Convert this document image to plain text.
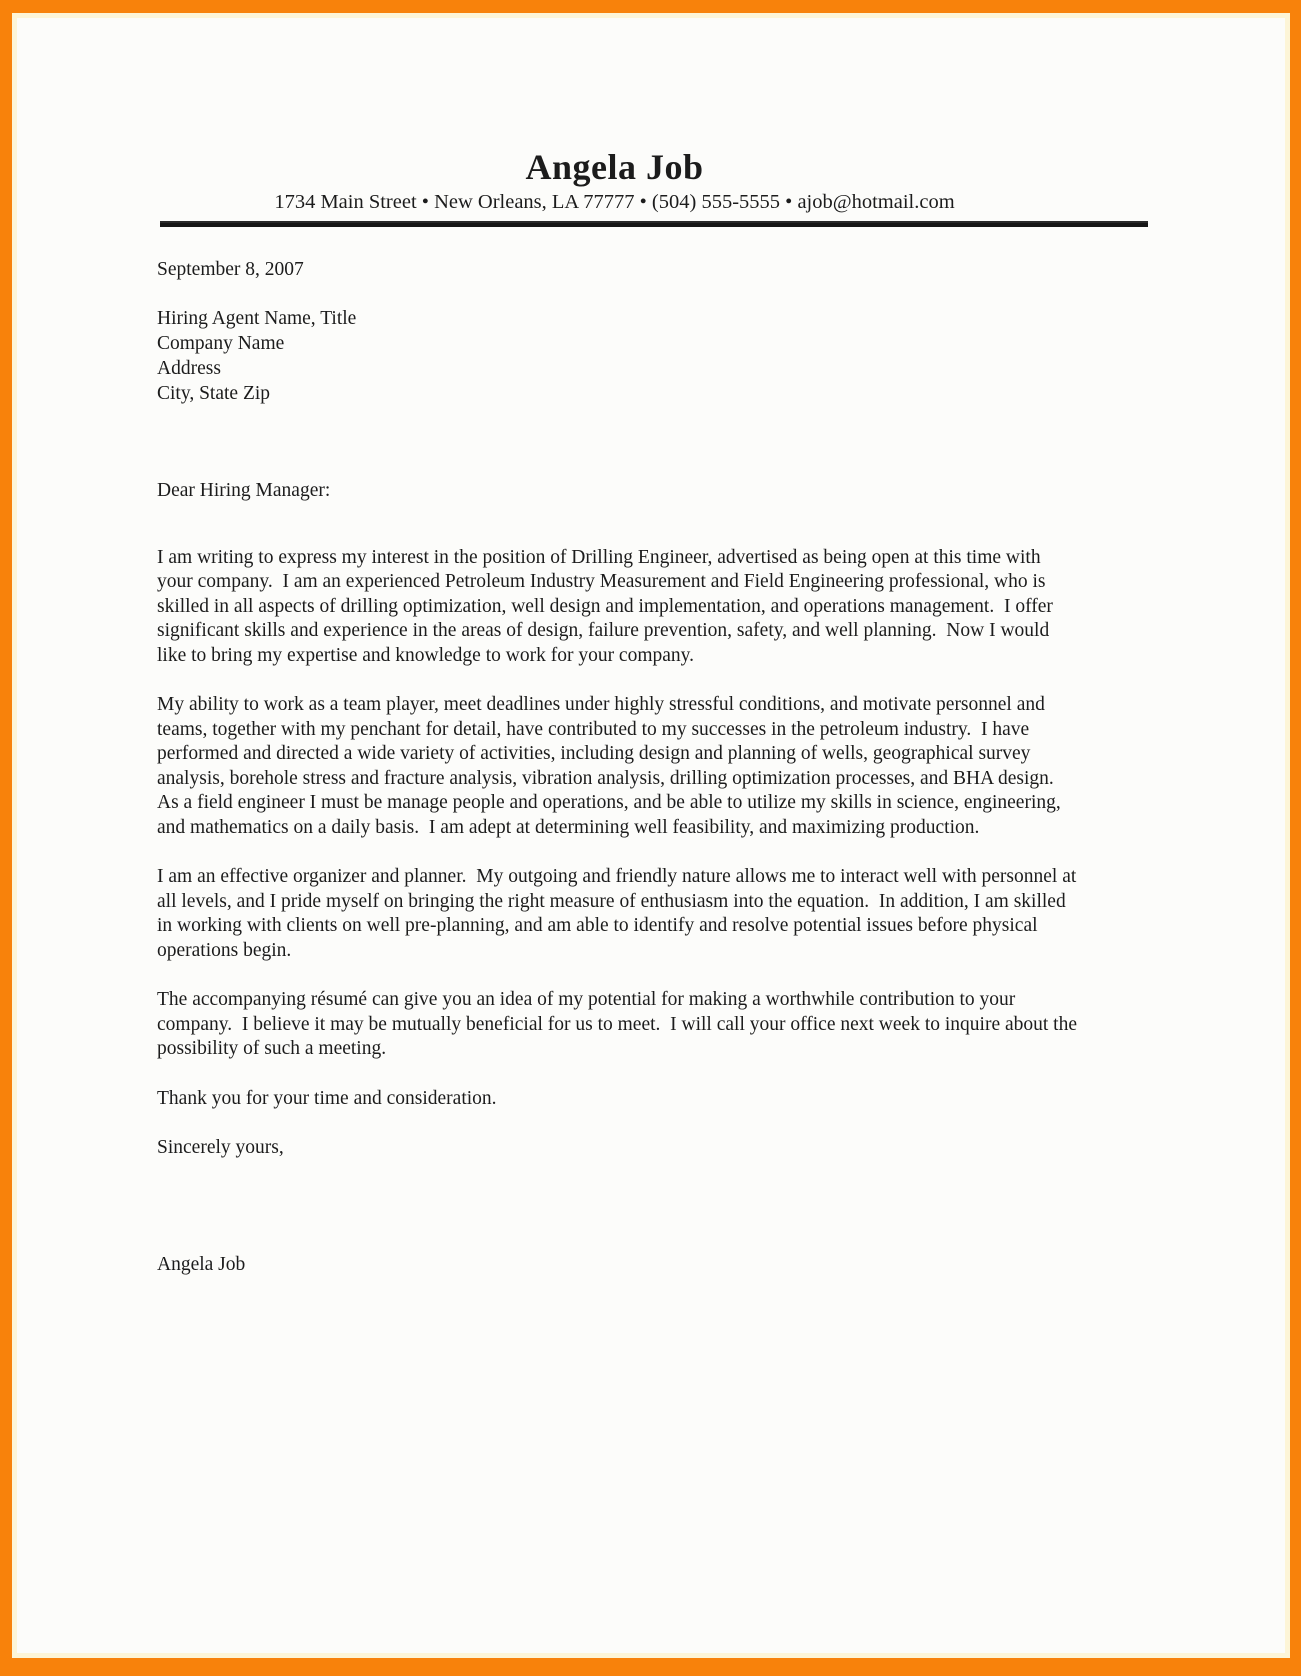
Angela Job
1734 Main Street • New Orleans, LA 77777 • (504) 555-5555 • ajob@hotmail.com
September 8, 2007
Hiring Agent Name, Title
Company Name
Address
City, State Zip
Dear Hiring Manager:

I am writing to express my interest in the position of Drilling Engineer, advertised as being open at this time with your company.  I am an experienced Petroleum Industry Measurement and Field Engineering professional, who is skilled in all aspects of drilling optimization, well design and implementation, and operations management.  I offer significant skills and experience in the areas of design, failure prevention, safety, and well planning.  Now I would like to bring my expertise and knowledge to work for your company.

My ability to work as a team player, meet deadlines under highly stressful conditions, and motivate personnel and teams, together with my penchant for detail, have contributed to my successes in the petroleum industry.  I have performed and directed a wide variety of activities, including design and planning of wells, geographical survey analysis, borehole stress and fracture analysis, vibration analysis, drilling optimization processes, and BHA design.  As a field engineer I must be manage people and operations, and be able to utilize my skills in science, engineering, and mathematics on a daily basis.  I am adept at determining well feasibility, and maximizing production.

I am an effective organizer and planner.  My outgoing and friendly nature allows me to interact well with personnel at all levels, and I pride myself on bringing the right measure of enthusiasm into the equation.  In addition, I am skilled in working with clients on well pre-planning, and am able to identify and resolve potential issues before physical operations begin.

The accompanying résumé can give you an idea of my potential for making a worthwhile contribution to your company.  I believe it may be mutually beneficial for us to meet.  I will call your office next week to inquire about the possibility of such a meeting.

Thank you for your time and consideration.

Sincerely yours,
Angela Job
